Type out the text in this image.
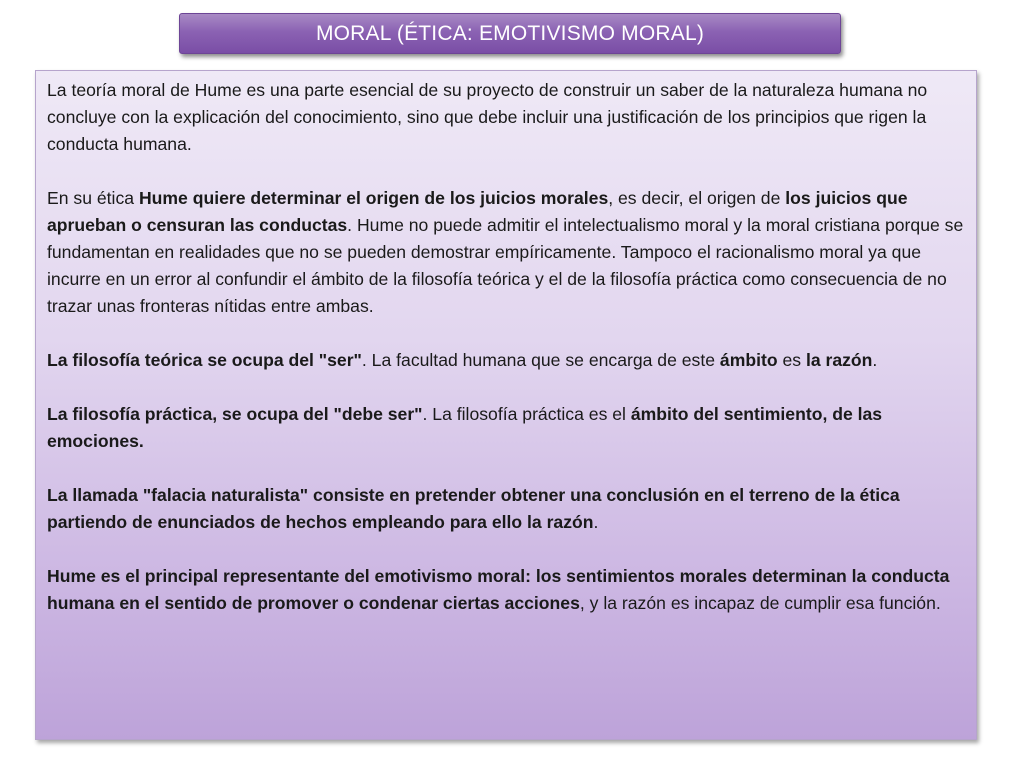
MORAL (ÉTICA: EMOTIVISMO MORAL)

La teoría moral de Hume es una parte esencial de su proyecto de construir un saber de la naturaleza humana no concluye con la explicación del conocimiento, sino que debe incluir una justificación de los principios que rigen la conducta humana.

En su ética Hume quiere determinar el origen de los juicios morales, es decir, el origen de los juicios que aprueban o censuran las conductas. Hume no puede admitir el intelectualismo moral y la moral cristiana porque se fundamentan en realidades que no se pueden demostrar empíricamente. Tampoco el racionalismo moral ya que incurre en un error al confundir el ámbito de la filosofía teórica y el de la filosofía práctica como consecuencia de no trazar unas fronteras nítidas entre ambas.

La filosofía teórica se ocupa del "ser". La facultad humana que se encarga de este ámbito es la razón.

La filosofía práctica, se ocupa del "debe ser". La filosofía práctica es el ámbito del sentimiento, de las emociones.

La llamada "falacia naturalista" consiste en pretender obtener una conclusión en el terreno de la ética partiendo de enunciados de hechos empleando para ello la razón.

Hume es el principal representante del emotivismo moral: los sentimientos morales determinan la conducta humana en el sentido de promover o condenar ciertas acciones, y la razón es incapaz de cumplir esa función.
